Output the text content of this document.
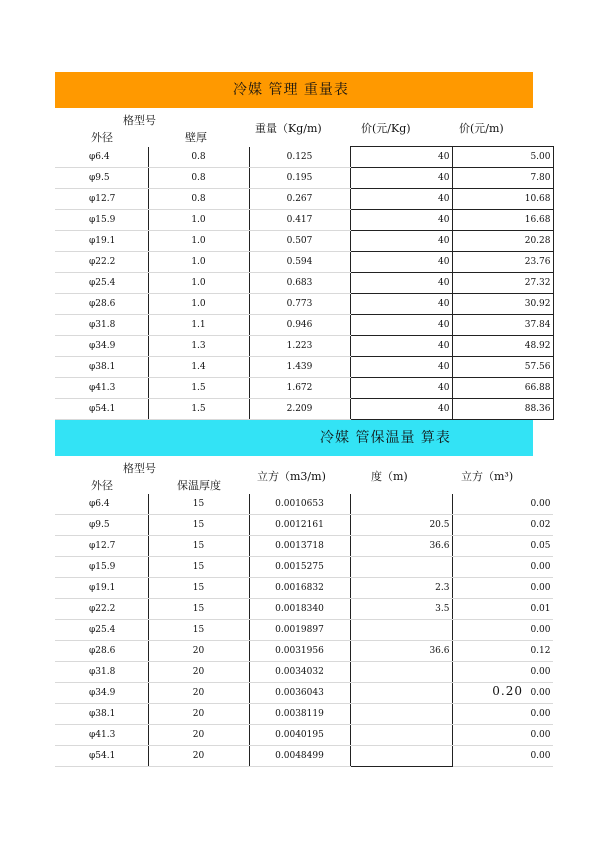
冷媒 管理 重量表
格型号
外径	壁厚
重量（Kg/m)	价(元/Kg)	价(元/m)
φ6.4	0.8	0.125	40	5.00
φ9.5	0.8	0.195	40	7.80
φ12.7	0.8	0.267	40	10.68
φ15.9	1.0	0.417	40	16.68
φ19.1	1.0	0.507	40	20.28
φ22.2	1.0	0.594	40	23.76
φ25.4	1.0	0.683	40	27.32
φ28.6	1.0	0.773	40	30.92
φ31.8	1.1	0.946	40	37.84
φ34.9	1.3	1.223	40	48.92
φ38.1	1.4	1.439	40	57.56
φ41.3	1.5	1.672	40	66.88
φ54.1	1.5	2.209	40	88.36
冷媒 管保温量 算表
格型号
外径	保温厚度
立方（m3/m)	度（m)	立方（m³)
φ6.4	15	0.0010653		0.00
φ9.5	15	0.0012161	20.5	0.02
φ12.7	15	0.0013718	36.6	0.05
φ15.9	15	0.0015275		0.00
φ19.1	15	0.0016832	2.3	0.00
φ22.2	15	0.0018340	3.5	0.01
φ25.4	15	0.0019897		0.00
φ28.6	20	0.0031956	36.6	0.12
φ31.8	20	0.0034032		0.00
φ34.9	20	0.0036043		0.00
φ38.1	20	0.0038119		0.00
φ41.3	20	0.0040195		0.00
φ54.1	20	0.0048499		0.00
0.20
